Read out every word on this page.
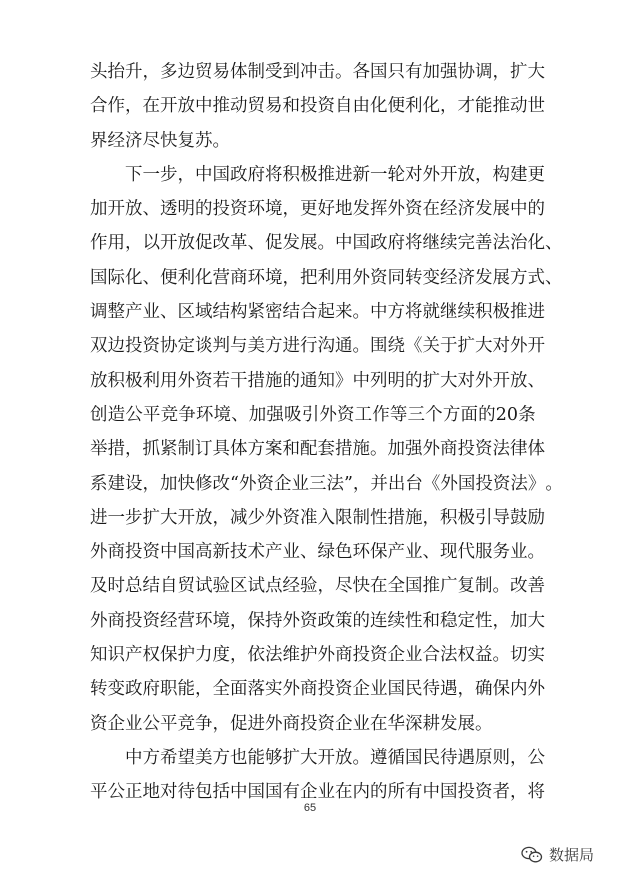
头 抬 升 ， 多 边 贸 易 体 制 受 到 冲 击 。 各 国 只 有 加 强 协 调 ， 扩 大
合 作 ， 在 开 放 中 推 动 贸 易 和 投 资 自 由 化 便 利 化 ， 才 能 推 动 世
界经济尽快复苏。
下 一 步 ， 中 国 政 府 将 积 极 推 进 新 一 轮 对 外 开 放 ， 构 建 更
加 开 放 、 透 明 的 投 资 环 境 ， 更 好 地 发 挥 外 资 在 经 济 发 展 中 的
作 用 ， 以 开 放 促 改 革 、 促 发 展 。 中 国 政 府 将 继 续 完 善 法 治 化 、
国 际 化 、 便 利 化 营 商 环 境 ， 把 利 用 外 资 同 转 变 经 济 发 展 方 式 、
调 整 产 业 、 区 域 结 构 紧 密 结 合 起 来 。 中 方 将 就 继 续 积 极 推 进
双 边 投 资 协 定 谈 判 与 美 方 进 行 沟 通 。 围 绕 《 关 于 扩 大 对 外 开
放 积 极 利 用 外 资 若 干 措 施 的 通 知 》 中 列 明 的 扩 大 对 外 开 放 、
创 造 公 平 竞 争 环 境 、 加 强 吸 引 外 资 工 作 等 三 个 方 面 的 20 条
举 措 ， 抓 紧 制 订 具 体 方 案 和 配 套 措 施 。 加 强 外 商 投 资 法 律 体
系 建 设 ， 加 快 修 改 “ 外 资 企 业 三 法 ” ， 并 出 台 《 外 国 投 资 法 》 。
进 一 步 扩 大 开 放 ， 减 少 外 资 准 入 限 制 性 措 施 ， 积 极 引 导 鼓 励
外 商 投 资 中 国 高 新 技 术 产 业 、 绿 色 环 保 产 业 、 现 代 服 务 业 。
及 时 总 结 自 贸 试 验 区 试 点 经 验 ， 尽 快 在 全 国 推 广 复 制 。 改 善
外 商 投 资 经 营 环 境 ， 保 持 外 资 政 策 的 连 续 性 和 稳 定 性 ， 加 大
知 识 产 权 保 护 力 度 ， 依 法 维 护 外 商 投 资 企 业 合 法 权 益 。 切 实
转 变 政 府 职 能 ， 全 面 落 实 外 商 投 资 企 业 国 民 待 遇 ， 确 保 内 外
资企业公平竞争，促进外商投资企业在华深耕发展。
中 方 希 望 美 方 也 能 够 扩 大 开 放 。 遵 循 国 民 待 遇 原 则 ， 公
平 公 正 地 对 待 包 括 中 国 国 有 企 业 在 内 的 所 有 中 国 投 资 者 ， 将
65
数据局
